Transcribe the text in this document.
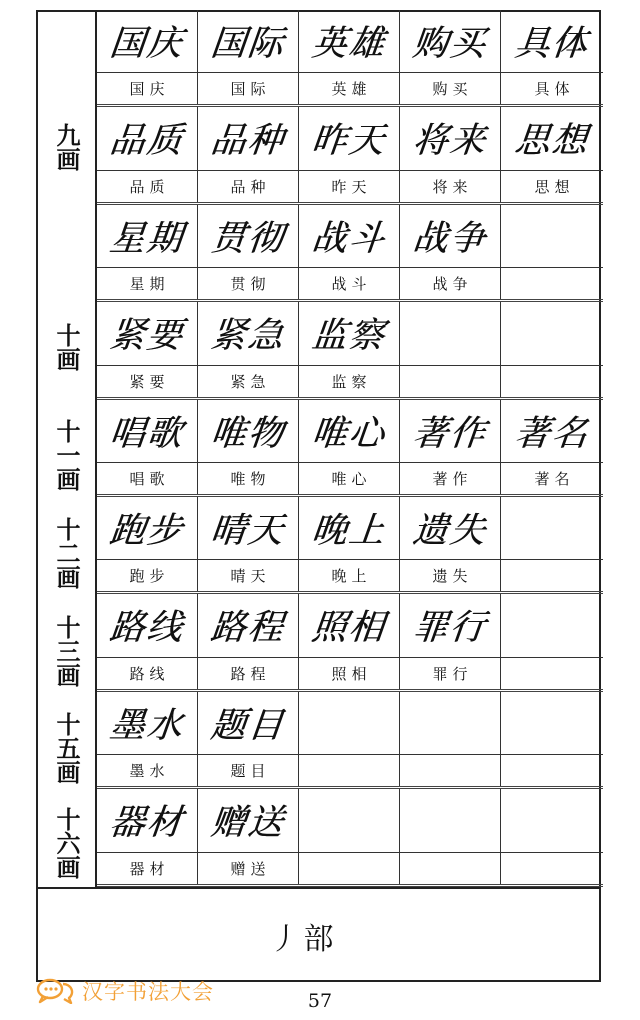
国庆
国庆
国际
国际
英雄
英雄
购买
购买
具体
具体
品质
品质
品种
品种
昨天
昨天
将来
将来
思想
思想
星期
星期
贯彻
贯彻
战斗
战斗
战争
战争
紧要
紧要
紧急
紧急
监察
监察
唱歌
唱歌
唯物
唯物
唯心
唯心
著作
著作
著名
著名
跑步
跑步
晴天
晴天
晚上
晚上
遗失
遗失
路线
路线
路程
路程
照相
照相
罪行
罪行
墨水
墨水
题目
题目
器材
器材
赠送
赠送
九画
十画
十一画
十二画
十三画
十五画
十六画
丿部
汉字书法大会	57
